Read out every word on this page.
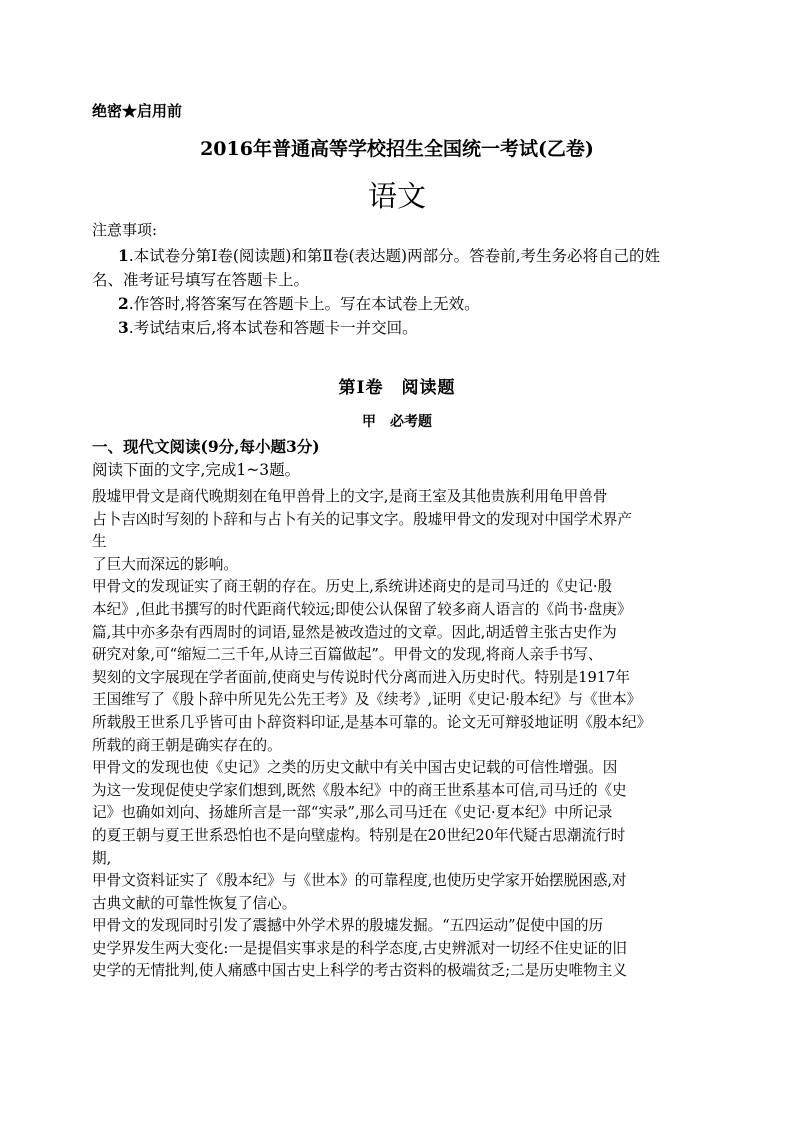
绝密★启用前
2016年普通高等学校招生全国统一考试(乙卷)
语文
注意事项:
1.本试卷分第Ⅰ卷(阅读题)和第Ⅱ卷(表达题)两部分。答卷前,考生务必将自己的姓
名、准考证号填写在答题卡上。
2.作答时,将答案写在答题卡上。写在本试卷上无效。
3.考试结束后,将本试卷和答题卡一并交回。
第Ⅰ卷　阅读题
甲　必考题
一、现代文阅读(9分,每小题3分)
阅读下面的文字,完成1~3题。
殷墟甲骨文是商代晚期刻在龟甲兽骨上的文字,是商王室及其他贵族利用龟甲兽骨
占卜吉凶时写刻的卜辞和与占卜有关的记事文字。殷墟甲骨文的发现对中国学术界产
生
了巨大而深远的影响。
甲骨文的发现证实了商王朝的存在。历史上,系统讲述商史的是司马迁的《史记·殷
本纪》,但此书撰写的时代距商代较远;即使公认保留了较多商人语言的《尚书·盘庚》
篇,其中亦多杂有西周时的词语,显然是被改造过的文章。因此,胡适曾主张古史作为
研究对象,可“缩短二三千年,从诗三百篇做起”。甲骨文的发现,将商人亲手书写、
契刻的文字展现在学者面前,使商史与传说时代分离而进入历史时代。特别是1917年
王国维写了《殷卜辞中所见先公先王考》及《续考》,证明《史记·殷本纪》与《世本》
所载殷王世系几乎皆可由卜辞资料印证,是基本可靠的。论文无可辩驳地证明《殷本纪》
所载的商王朝是确实存在的。
甲骨文的发现也使《史记》之类的历史文献中有关中国古史记载的可信性增强。因
为这一发现促使史学家们想到,既然《殷本纪》中的商王世系基本可信,司马迁的《史
记》也确如刘向、扬雄所言是一部“实录”,那么司马迁在《史记·夏本纪》中所记录
的夏王朝与夏王世系恐怕也不是向壁虚构。特别是在20世纪20年代疑古思潮流行时
期,
甲骨文资料证实了《殷本纪》与《世本》的可靠程度,也使历史学家开始摆脱困惑,对
古典文献的可靠性恢复了信心。
甲骨文的发现同时引发了震撼中外学术界的殷墟发掘。“五四运动”促使中国的历
史学界发生两大变化:一是提倡实事求是的科学态度,古史辨派对一切经不住史证的旧
史学的无情批判,使人痛感中国古史上科学的考古资料的极端贫乏;二是历史唯物主义
